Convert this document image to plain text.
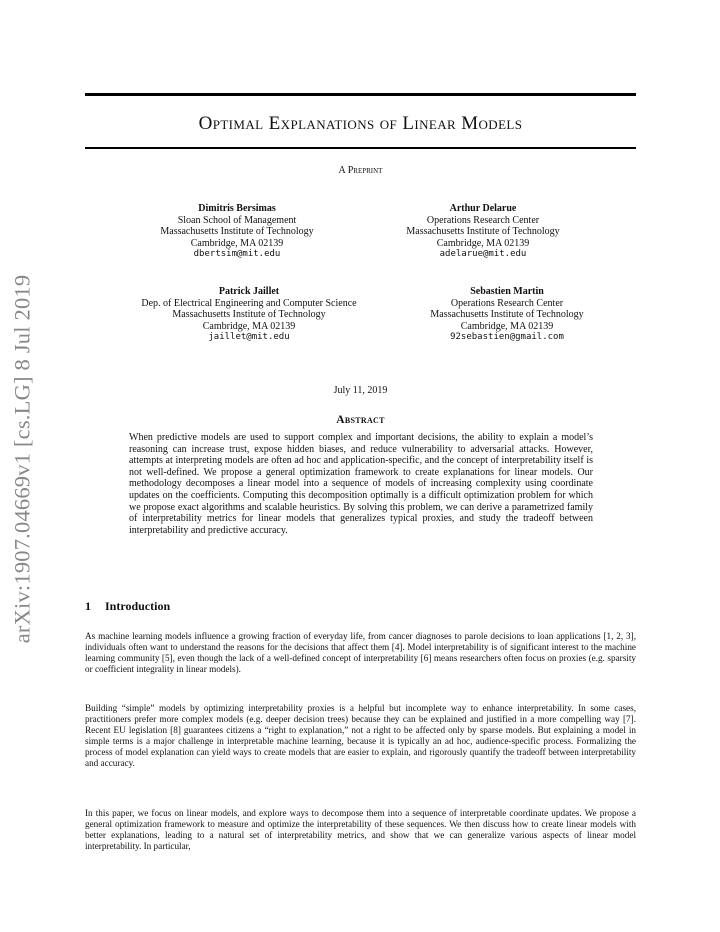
arXiv:1907.04669v1 [cs.LG] 8 Jul 2019
Optimal Explanations of Linear Models

A Preprint

Dimitris Bersimas
Sloan School of Management
Massachusetts Institute of Technology
Cambridge, MA 02139
dbertsim@mit.edu
Arthur Delarue
Operations Research Center
Massachusetts Institute of Technology
Cambridge, MA 02139
adelarue@mit.edu
Patrick Jaillet
Dep. of Electrical Engineering and Computer Science
Massachusetts Institute of Technology
Cambridge, MA 02139
jaillet@mit.edu
Sebastien Martin
Operations Research Center
Massachusetts Institute of Technology
Cambridge, MA 02139
92sebastien@gmail.com

July 11, 2019

Abstract

When predictive models are used to support complex and important decisions, the ability to explain a model’s reasoning can increase trust, expose hidden biases, and reduce vulnerability to adversarial attacks. However, attempts at interpreting models are often ad hoc and application-specific, and the concept of interpretability itself is not well-defined. We propose a general optimization framework to create explanations for linear models. Our methodology decomposes a linear model into a sequence of models of increasing complexity using coordinate updates on the coefficients. Computing this decomposition optimally is a difficult optimization problem for which we propose exact algorithms and scalable heuristics. By solving this problem, we can derive a parametrized family of interpretability metrics for linear models that generalizes typical proxies, and study the tradeoff between interpretability and predictive accuracy.

1 Introduction

As machine learning models influence a growing fraction of everyday life, from cancer diagnoses to parole decisions to loan applications [1, 2, 3], individuals often want to understand the reasons for the decisions that affect them [4]. Model interpretability is of significant interest to the machine learning community [5], even though the lack of a well-defined concept of interpretability [6] means researchers often focus on proxies (e.g. sparsity or coefficient integrality in linear models).

Building “simple” models by optimizing interpretability proxies is a helpful but incomplete way to enhance interpretability. In some cases, practitioners prefer more complex models (e.g. deeper decision trees) because they can be explained and justified in a more compelling way [7]. Recent EU legislation [8] guarantees citizens a “right to explanation,” not a right to be affected only by sparse models. But explaining a model in simple terms is a major challenge in interpretable machine learning, because it is typically an ad hoc, audience-specific process. Formalizing the process of model explanation can yield ways to create models that are easier to explain, and rigorously quantify the tradeoff between interpretability and accuracy.

In this paper, we focus on linear models, and explore ways to decompose them into a sequence of interpretable coordinate updates. We propose a general optimization framework to measure and optimize the interpretability of these sequences. We then discuss how to create linear models with better explanations, leading to a natural set of interpretability metrics, and show that we can generalize various aspects of linear model interpretability. In particular,
